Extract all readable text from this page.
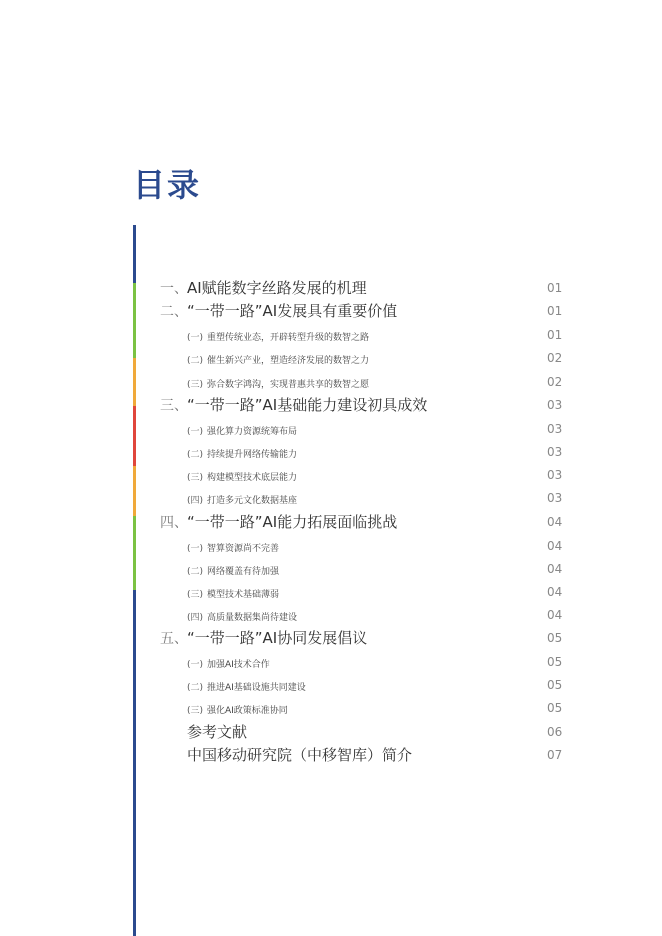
目录
一、 AI赋能数字丝路发展的机理	01
二、 “一带一路”AI发展具有重要价值	01
(一) 重塑传统业态，开辟转型升级的数智之路	01
(二) 催生新兴产业，塑造经济发展的数智之力	02
(三) 弥合数字鸿沟，实现普惠共享的数智之愿	02
三、 “一带一路”AI基础能力建设初具成效	03
(一) 强化算力资源统筹布局	03
(二) 持续提升网络传输能力	03
(三) 构建模型技术底层能力	03
(四) 打造多元文化数据基座	03
四、 “一带一路”AI能力拓展面临挑战	04
(一) 智算资源尚不完善	04
(二) 网络覆盖有待加强	04
(三) 模型技术基础薄弱	04
(四) 高质量数据集尚待建设	04
五、 “一带一路”AI协同发展倡议	05
(一) 加强AI技术合作	05
(二) 推进AI基础设施共同建设	05
(三) 强化AI政策标准协同	05
参考文献	06
中国移动研究院（中移智库）简介	07
